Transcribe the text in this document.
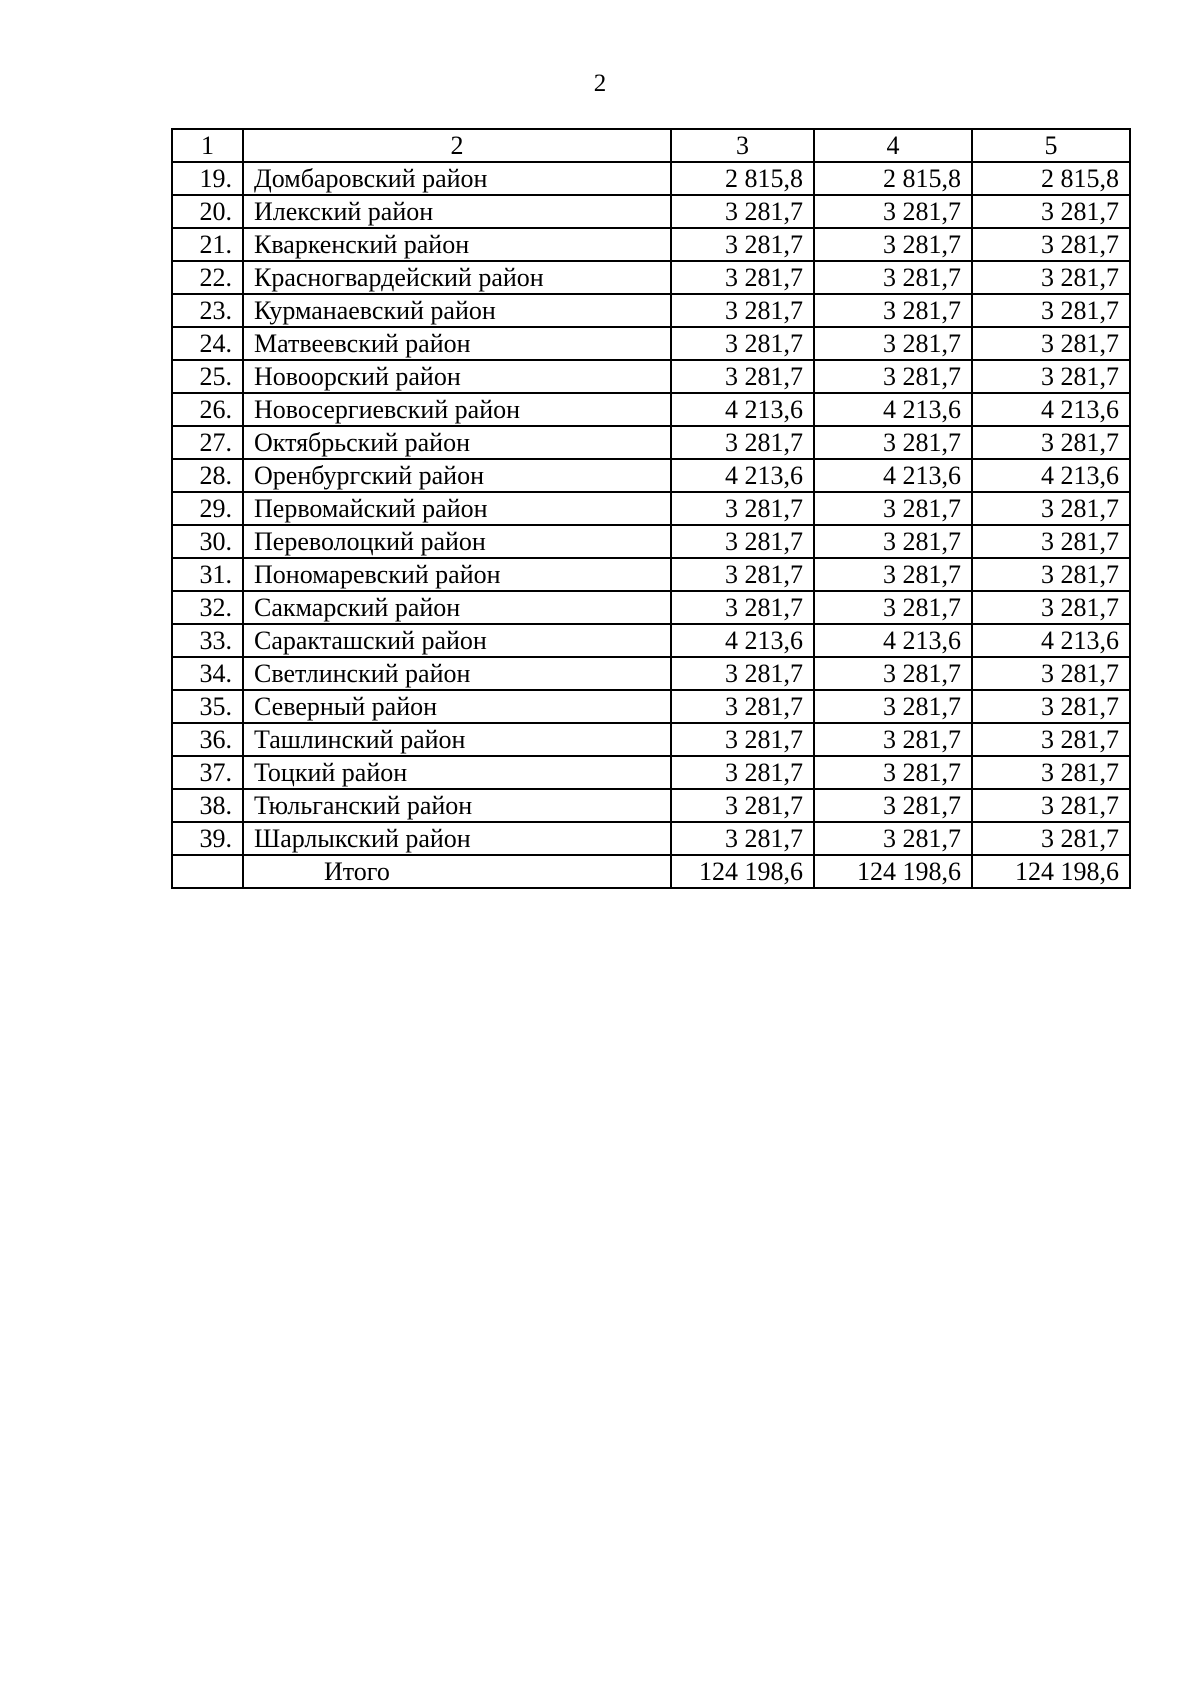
2
1	2	3	4	5
19.	Домбаровский район	2 815,8	2 815,8	2 815,8
20.	Илекский район	3 281,7	3 281,7	3 281,7
21.	Кваркенский район	3 281,7	3 281,7	3 281,7
22.	Красногвардейский район	3 281,7	3 281,7	3 281,7
23.	Курманаевский район	3 281,7	3 281,7	3 281,7
24.	Матвеевский район	3 281,7	3 281,7	3 281,7
25.	Новоорский район	3 281,7	3 281,7	3 281,7
26.	Новосергиевский район	4 213,6	4 213,6	4 213,6
27.	Октябрьский район	3 281,7	3 281,7	3 281,7
28.	Оренбургский район	4 213,6	4 213,6	4 213,6
29.	Первомайский район	3 281,7	3 281,7	3 281,7
30.	Переволоцкий район	3 281,7	3 281,7	3 281,7
31.	Пономаревский район	3 281,7	3 281,7	3 281,7
32.	Сакмарский район	3 281,7	3 281,7	3 281,7
33.	Саракташский район	4 213,6	4 213,6	4 213,6
34.	Светлинский район	3 281,7	3 281,7	3 281,7
35.	Северный район	3 281,7	3 281,7	3 281,7
36.	Ташлинский район	3 281,7	3 281,7	3 281,7
37.	Тоцкий район	3 281,7	3 281,7	3 281,7
38.	Тюльганский район	3 281,7	3 281,7	3 281,7
39.	Шарлыкский район	3 281,7	3 281,7	3 281,7
	Итого	124 198,6	124 198,6	124 198,6
